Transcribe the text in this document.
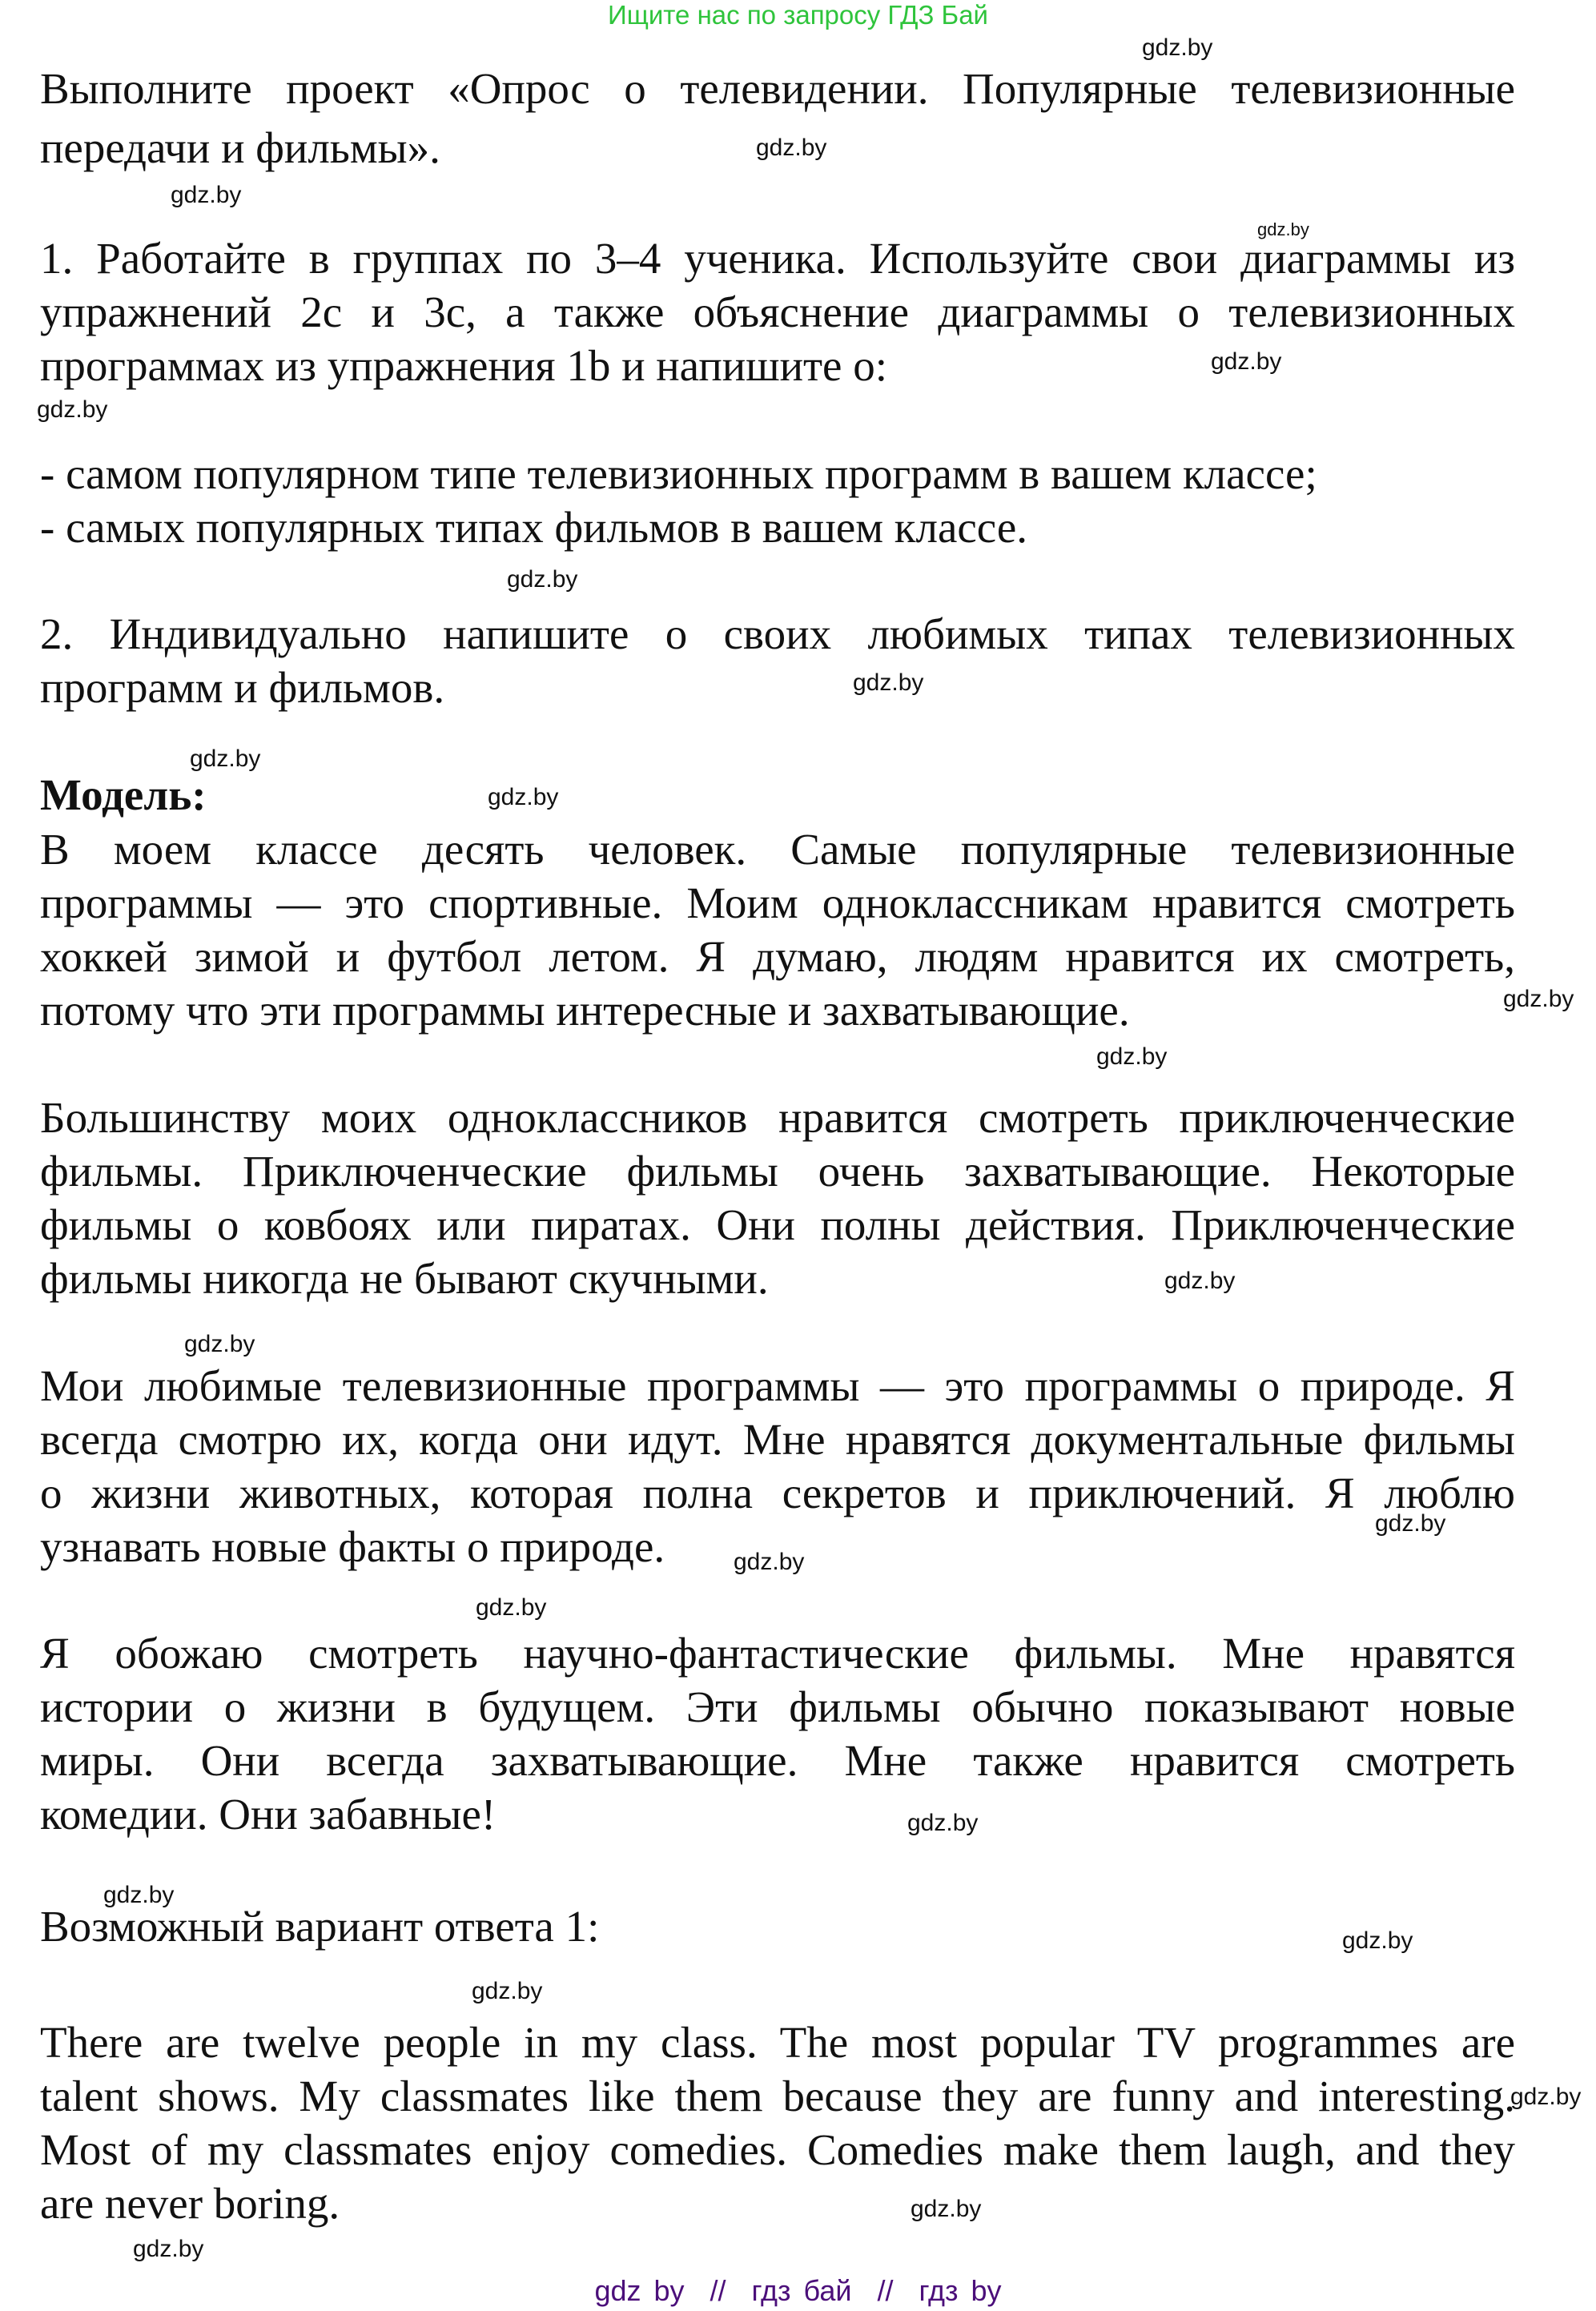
Ищите нас по запросу ГДЗ Бай

Выполните проект «Опрос о телевидении. Популярные телевизионные
передачи и фильмы».

1. Работайте в группах по 3–4 ученика. Используйте свои диаграммы из
упражнений 2c и 3c, а также объяснение диаграммы о телевизионных
программах из упражнения 1b и напишите о:

- самом популярном типе телевизионных программ в вашем классе;
- самых популярных типах фильмов в вашем классе.

2. Индивидуально напишите о своих любимых типах телевизионных
программ и фильмов.

Модель:

В моем классе десять человек. Самые популярные телевизионные
программы — это спортивные. Моим одноклассникам нравится смотреть
хоккей зимой и футбол летом. Я думаю, людям нравится их смотреть,
потому что эти программы интересные и захватывающие.

Большинству моих одноклассников нравится смотреть приключенческие
фильмы. Приключенческие фильмы очень захватывающие. Некоторые
фильмы о ковбоях или пиратах. Они полны действия. Приключенческие
фильмы никогда не бывают скучными.

Мои любимые телевизионные программы — это программы о природе. Я
всегда смотрю их, когда они идут. Мне нравятся документальные фильмы
о жизни животных, которая полна секретов и приключений. Я люблю
узнавать новые факты о природе.

Я обожаю смотреть научно-фантастические фильмы. Мне нравятся
истории о жизни в будущем. Эти фильмы обычно показывают новые
миры. Они всегда захватывающие. Мне также нравится смотреть
комедии. Они забавные!

Возможный вариант ответа 1:

There are twelve people in my class. The most popular TV programmes are
talent shows. My classmates like them because they are funny and interesting.
Most of my classmates enjoy comedies. Comedies make them laugh, and they
are never boring.

gdz.by
gdz.by
gdz.by
gdz.by
gdz.by
gdz.by
gdz.by
gdz.by
gdz.by
gdz.by
gdz.by
gdz.by
gdz.by
gdz.by
gdz.by
gdz.by
gdz.by
gdz.by
gdz.by
gdz.by
gdz.by
gdz.by
gdz.by
gdz.by
gdz by  //  гдз бай  //  гдз by
